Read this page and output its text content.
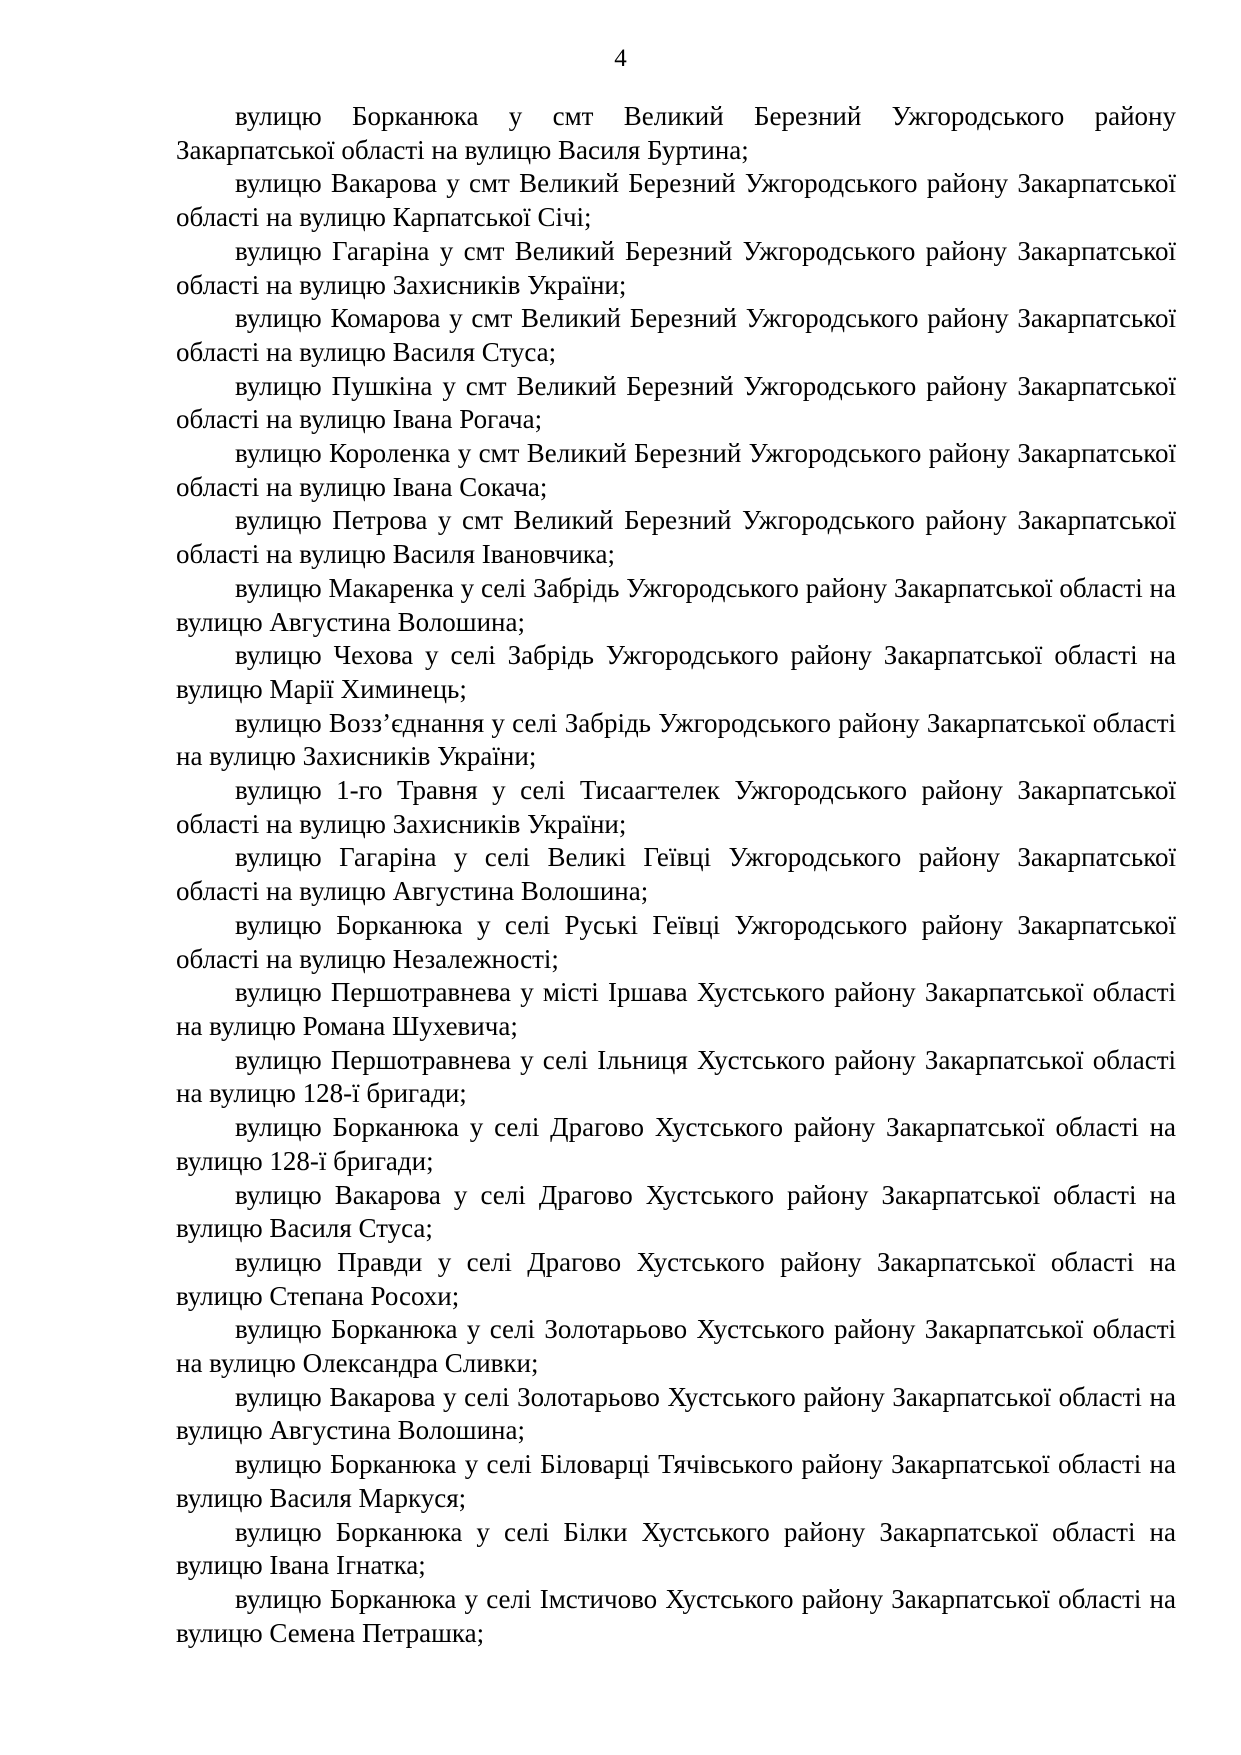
4

вулицю Борканюка у смт Великий Березний Ужгородського району Закарпатської області на вулицю Василя Буртина;

вулицю Вакарова у смт Великий Березний Ужгородського району Закарпатської області на вулицю Карпатської Січі;

вулицю Гагаріна у смт Великий Березний Ужгородського району Закарпатської області на вулицю Захисників України;

вулицю Комарова у смт Великий Березний Ужгородського району Закарпатської області на вулицю Василя Стуса;

вулицю Пушкіна у смт Великий Березний Ужгородського району Закарпатської області на вулицю Івана Рогача;

вулицю Короленка у смт Великий Березний Ужгородського району Закарпатської області на вулицю Івана Сокача;

вулицю Петрова у смт Великий Березний Ужгородського району Закарпатської області на вулицю Василя Івановчика;

вулицю Макаренка у селі Забрідь Ужгородського району Закарпатської області на вулицю Августина Волошина;

вулицю Чехова у селі Забрідь Ужгородського району Закарпатської області на вулицю Марії Химинець;

вулицю Возз’єднання у селі Забрідь Ужгородського району Закарпатської області на вулицю Захисників України;

вулицю 1-го Травня у селі Тисаагтелек Ужгородського району Закарпатської області на вулицю Захисників України;

вулицю Гагаріна у селі Великі Геївці Ужгородського району Закарпатської області на вулицю Августина Волошина;

вулицю Борканюка у селі Руські Геївці Ужгородського району Закарпатської області на вулицю Незалежності;

вулицю Першотравнева у місті Іршава Хустського району Закарпатської області на вулицю Романа Шухевича;

вулицю Першотравнева у селі Ільниця Хустського району Закарпатської області на вулицю 128-ї бригади;

вулицю Борканюка у селі Драгово Хустського району Закарпатської області на вулицю 128-ї бригади;

вулицю Вакарова у селі Драгово Хустського району Закарпатської області на вулицю Василя Стуса;

вулицю Правди у селі Драгово Хустського району Закарпатської області на вулицю Степана Росохи;

вулицю Борканюка у селі Золотарьово Хустського району Закарпатської області на вулицю Олександра Сливки;

вулицю Вакарова у селі Золотарьово Хустського району Закарпатської області на вулицю Августина Волошина;

вулицю Борканюка у селі Біловарці Тячівського району Закарпатської області на вулицю Василя Маркуся;

вулицю Борканюка у селі Білки Хустського району Закарпатської області на вулицю Івана Ігнатка;

вулицю Борканюка у селі Імстичово Хустського району Закарпатської області на вулицю Семена Петрашка;
